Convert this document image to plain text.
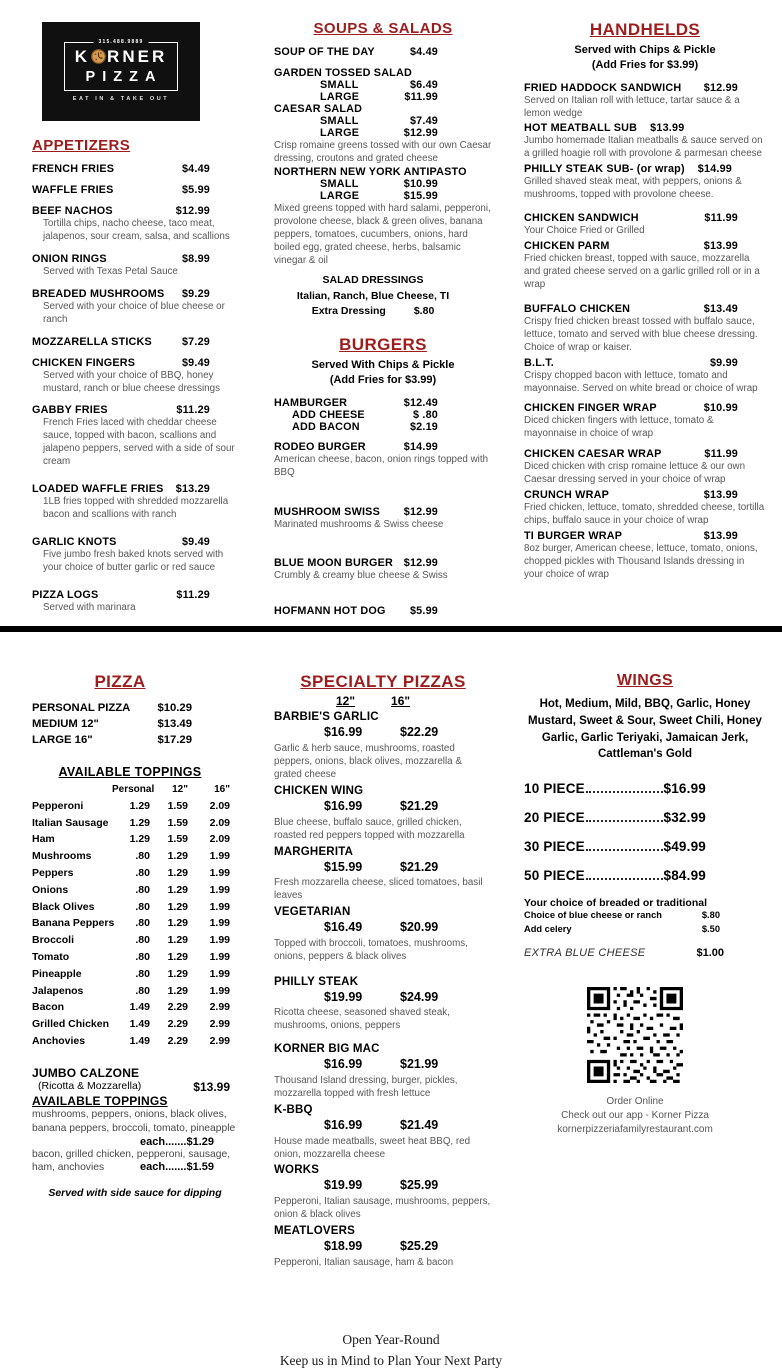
315.488.9889
K RNER
PIZZA
EAT IN & TAKE OUT
APPETIZERS
FRENCH FRIES	$4.49
WAFFLE FRIES	$5.99
BEEF NACHOS	$12.99
Tortilla chips, nacho cheese, taco meat, jalapenos, sour cream, salsa, and scallions
ONION RINGS	$8.99
Served with Texas Petal Sauce
BREADED MUSHROOMS $9.29
Served with your choice of blue cheese or ranch
MOZZARELLA STICKS	$7.29
CHICKEN FINGERS	$9.49
Served with your choice of BBQ, honey mustard, ranch or blue cheese dressings
GABBY FRIES	$11.29
French Fries laced with cheddar cheese sauce, topped with bacon, scallions and jalapeno peppers, served with a side of sour cream
LOADED WAFFLE FRIES $13.29
1LB fries topped with shredded mozzarella bacon and scallions with ranch
GARLIC KNOTS	$9.49
Five jumbo fresh baked knots served with your choice of butter garlic or red sauce
PIZZA LOGS	$11.29
Served with marinara
SOUPS & SALADS
SOUP OF THE DAY	$4.49
GARDEN TOSSED SALAD
SMALL	$6.49
LARGE	$11.99
CAESAR SALAD
SMALL	$7.49
LARGE	$12.99
Crisp romaine greens tossed with our own Caesar dressing, croutons and grated cheese
NORTHERN NEW YORK ANTIPASTO
SMALL	$10.99
LARGE	$15.99
Mixed greens topped with hard salami, pepperoni, provolone cheese, black & green olives, banana peppers, tomatoes, cucumbers, onions, hard boiled egg, grated cheese, herbs, balsamic vinegar & oil
SALAD DRESSINGS
Italian, Ranch, Blue Cheese, TI
Extra Dressing	$.80
BURGERS
Served With Chips & Pickle
(Add Fries for $3.99)
HAMBURGER	$12.49
ADD CHEESE	$ .80
ADD BACON	$2.19
RODEO BURGER	$14.99
American cheese, bacon, onion rings topped with BBQ
MUSHROOM SWISS $12.99
Marinated mushrooms & Swiss cheese
BLUE MOON BURGER $12.99
Crumbly & creamy blue cheese & Swiss
HOFMANN HOT DOG $5.99
HANDHELDS
Served with Chips & Pickle
(Add Fries for $3.99)
FRIED HADDOCK SANDWICH $12.99
Served on Italian roll with lettuce, tartar sauce & a lemon wedge
HOT MEATBALL SUB $13.99
Jumbo homemade Italian meatballs & sauce served on a grilled hoagie roll with provolone & parmesan cheese
PHILLY STEAK SUB- (or wrap) $14.99
Grilled shaved steak meat, with peppers, onions & mushrooms, topped with provolone cheese.
CHICKEN SANDWICH	$11.99
Your Choice Fried or Grilled
CHICKEN PARM	$13.99
Fried chicken breast, topped with sauce, mozzarella and grated cheese served on a garlic grilled roll or in a wrap
BUFFALO CHICKEN	$13.49
Crispy fried chicken breast tossed with buffalo sauce, lettuce, tomato and served with blue cheese dressing. Choice of wrap or kaiser.
B.L.T.	$9.99
Crispy chopped bacon with lettuce, tomato and mayonnaise. Served on white bread or choice of wrap
CHICKEN FINGER WRAP	$10.99
Diced chicken fingers with lettuce, tomato & mayonnaise in choice of wrap
CHICKEN CAESAR WRAP	$11.99
Diced chicken with crisp romaine lettuce & our own Caesar dressing served in your choice of wrap
CRUNCH WRAP	$13.99
Fried chicken, lettuce, tomato, shredded cheese, tortilla chips, buffalo sauce in your choice of wrap
TI BURGER WRAP	$13.99
8oz burger, American cheese, lettuce, tomato, onions, chopped pickles with Thousand Islands dressing in your choice of wrap
PIZZA
PERSONAL PIZZA $10.29
MEDIUM 12"	$13.49
LARGE 16"	$17.29
AVAILABLE TOPPINGS
Personal	12"	16"
Pepperoni	1.29	1.59	2.09
Italian Sausage	1.29	1.59	2.09
Ham	1.29	1.59	2.09
Mushrooms	.80	1.29	1.99
Peppers	.80	1.29	1.99
Onions	.80	1.29	1.99
Black Olives	.80	1.29	1.99
Banana Peppers	.80	1.29	1.99
Broccoli	.80	1.29	1.99
Tomato	.80	1.29	1.99
Pineapple	.80	1.29	1.99
Jalapenos	.80	1.29	1.99
Bacon	1.49	2.29	2.99
Grilled Chicken	1.49	2.29	2.99
Anchovies	1.49	2.29	2.99
JUMBO CALZONE
(Ricotta & Mozzarella)	$13.99
AVAILABLE TOPPINGS
mushrooms, peppers, onions, black olives, banana peppers, broccoli, tomato, pineapple
each.......$1.29
bacon, grilled chicken, pepperoni, sausage, ham, anchovies	each.......$1.59
Served with side sauce for dipping
SPECIALTY PIZZAS
12"	16"
BARBIE'S GARLIC
$16.99	$22.29
Garlic & herb sauce, mushrooms, roasted peppers, onions, black olives, mozzarella & grated cheese
CHICKEN WING
$16.99	$21.29
Blue cheese, buffalo sauce, grilled chicken, roasted red peppers topped with mozzarella
MARGHERITA
$15.99	$21.29
Fresh mozzarella cheese, sliced tomatoes, basil leaves
VEGETARIAN
$16.49	$20.99
Topped with broccoli, tomatoes, mushrooms, onions, peppers & black olives
PHILLY STEAK
$19.99	$24.99
Ricotta cheese, seasoned shaved steak, mushrooms, onions, peppers
KORNER BIG MAC
$16.99	$21.99
Thousand Island dressing, burger, pickles, mozzarella topped with fresh lettuce
K-BBQ
$16.99	$21.49
House made meatballs, sweet heat BBQ, red onion, mozzarella cheese
WORKS
$19.99	$25.99
Pepperoni, Italian sausage, mushrooms, peppers, onion & black olives
MEATLOVERS
$18.99	$25.29
Pepperoni, Italian sausage, ham & bacon
WINGS
Hot, Medium, Mild, BBQ, Garlic, Honey Mustard, Sweet & Sour, Sweet Chili, Honey Garlic, Garlic Teriyaki, Jamaican Jerk, Cattleman's Gold
10 PIECE	$16.99
20 PIECE	$32.99
30 PIECE	$49.99
50 PIECE	$84.99
Your choice of breaded or traditional
Choice of blue cheese or ranch	$.80
Add celery	$.50
EXTRA BLUE CHEESE	$1.00
Order Online
Check out our app - Korner Pizza
kornerpizzeriafamilyrestaurant.com
Open Year-Round
Keep us in Mind to Plan Your Next Party
